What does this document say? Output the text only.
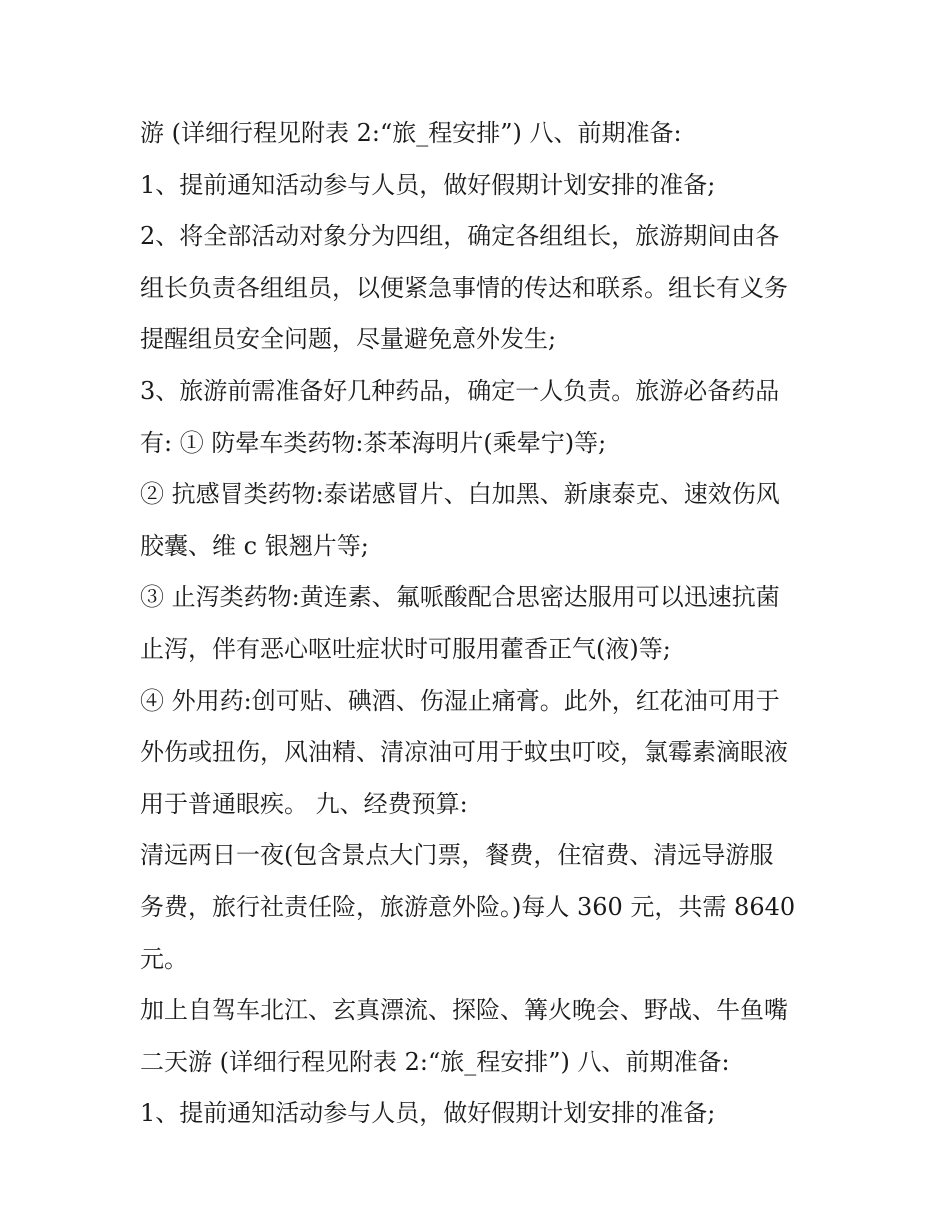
游 (详细行程见附表 2:“旅_程安排”) 八、前期准备:
1、提前通知活动参与人员，做好假期计划安排的准备;
2、将全部活动对象分为四组，确定各组组长，旅游期间由各
组长负责各组组员，以便紧急事情的传达和联系。组长有义务
提醒组员安全问题，尽量避免意外发生;
3、旅游前需准备好几种药品，确定一人负责。旅游必备药品
有: ① 防晕车类药物:茶苯海明片(乘晕宁)等;
② 抗感冒类药物:泰诺感冒片、白加黑、新康泰克、速效伤风
胶囊、维 c 银翘片等;
③ 止泻类药物:黄连素、氟哌酸配合思密达服用可以迅速抗菌
止泻，伴有恶心呕吐症状时可服用藿香正气(液)等;
④ 外用药:创可贴、碘酒、伤湿止痛膏。此外，红花油可用于
外伤或扭伤，风油精、清凉油可用于蚊虫叮咬，氯霉素滴眼液
用于普通眼疾。 九、经费预算:
清远两日一夜(包含景点大门票，餐费，住宿费、清远导游服
务费，旅行社责任险，旅游意外险。)每人 360 元，共需 8640
元。
加上自驾车北江、玄真漂流、探险、篝火晚会、野战、牛鱼嘴
二天游 (详细行程见附表 2:“旅_程安排”) 八、前期准备:
1、提前通知活动参与人员，做好假期计划安排的准备;
